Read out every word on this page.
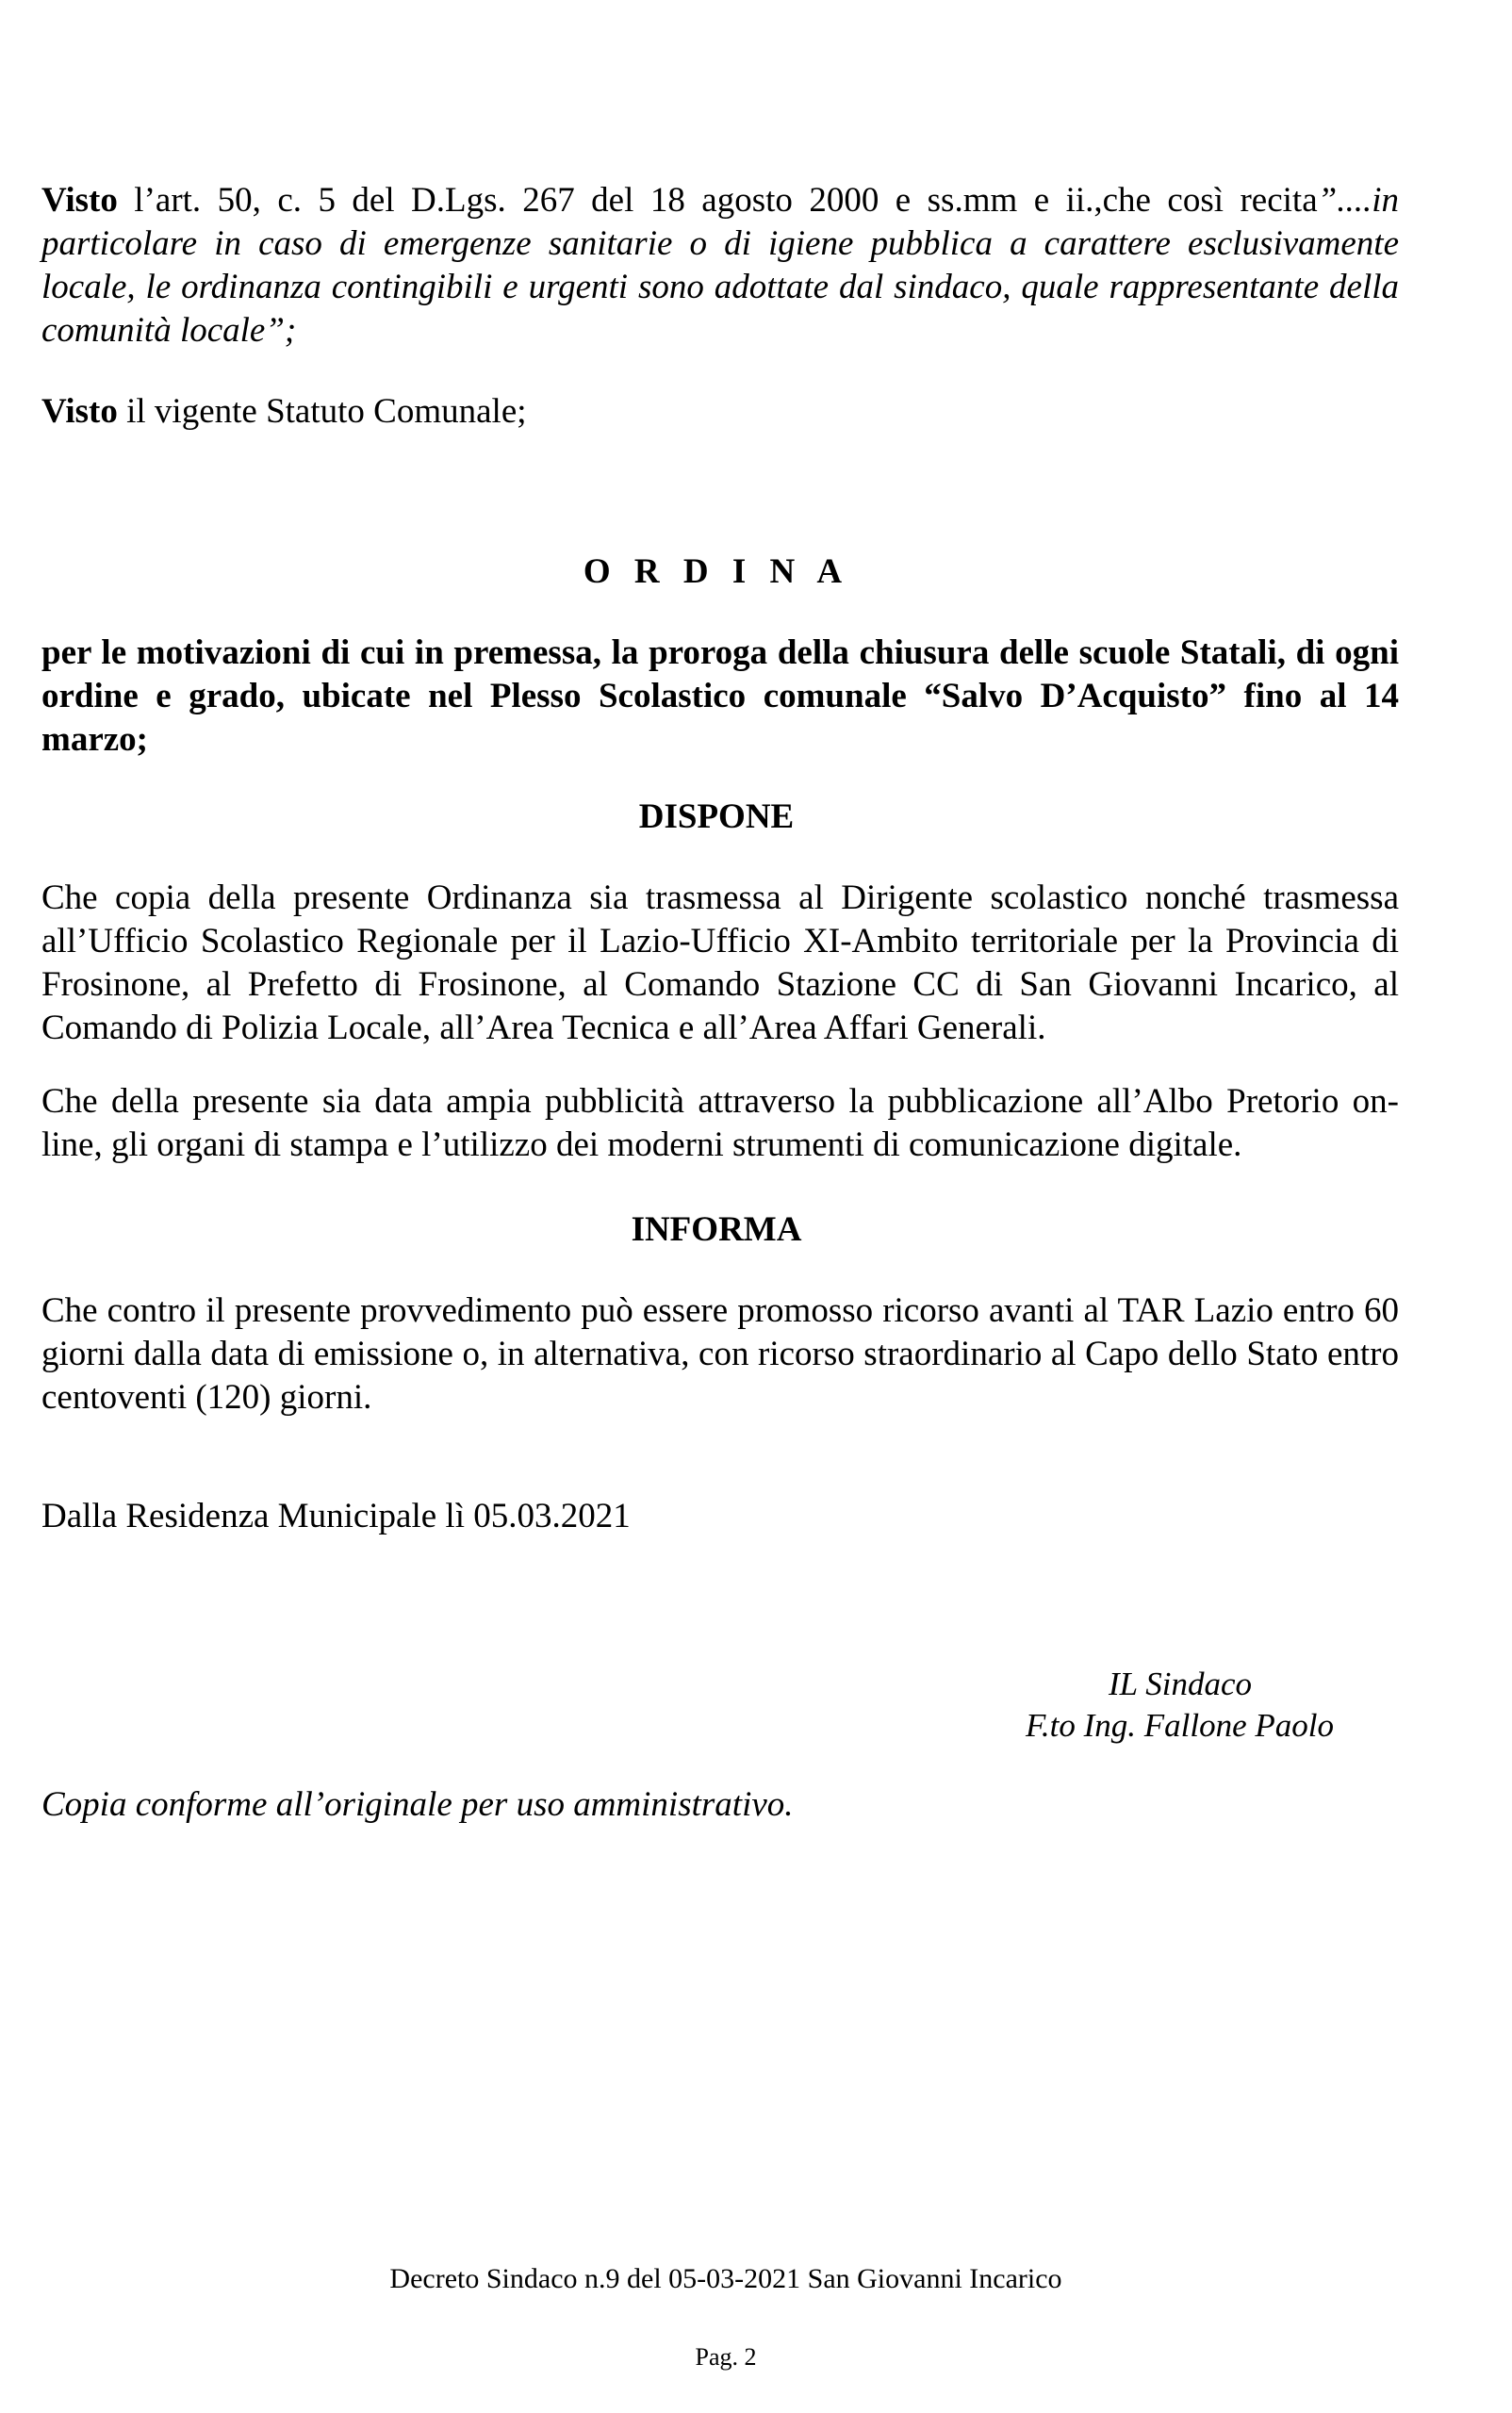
Visto l’art. 50, c. 5 del D.Lgs. 267 del 18 agosto 2000 e ss.mm e ii.,che così recita”....in particolare in caso di emergenze sanitarie o di igiene pubblica a carattere esclusivamente locale, le ordinanza contingibili e urgenti sono adottate dal sindaco, quale rappresentante della comunità locale”;

Visto il vigente Statuto Comunale;

O R D I N A

per le motivazioni di cui in premessa, la proroga della chiusura delle scuole Statali, di ogni ordine e grado, ubicate nel Plesso Scolastico comunale “Salvo D’Acquisto” fino al 14 marzo;

DISPONE

Che copia della presente Ordinanza sia trasmessa al Dirigente scolastico nonché trasmessa all’Ufficio Scolastico Regionale per il Lazio-Ufficio XI-Ambito territoriale per la Provincia di Frosinone, al Prefetto di Frosinone, al Comando Stazione CC di San Giovanni Incarico, al Comando di Polizia Locale, all’Area Tecnica e all’Area Affari Generali.

Che della presente sia data ampia pubblicità attraverso la pubblicazione all’Albo Pretorio on-line, gli organi di stampa e l’utilizzo dei moderni strumenti di comunicazione digitale.

INFORMA

Che contro il presente provvedimento può essere promosso ricorso avanti al TAR Lazio entro 60 giorni dalla data di emissione o, in alternativa, con ricorso straordinario al Capo dello Stato entro centoventi (120) giorni.

Dalla Residenza Municipale lì 05.03.2021

IL Sindaco
F.to Ing. Fallone Paolo
Copia conforme all’originale per uso amministrativo.
Decreto Sindaco n.9 del 05-03-2021 San Giovanni Incarico
Pag. 2
